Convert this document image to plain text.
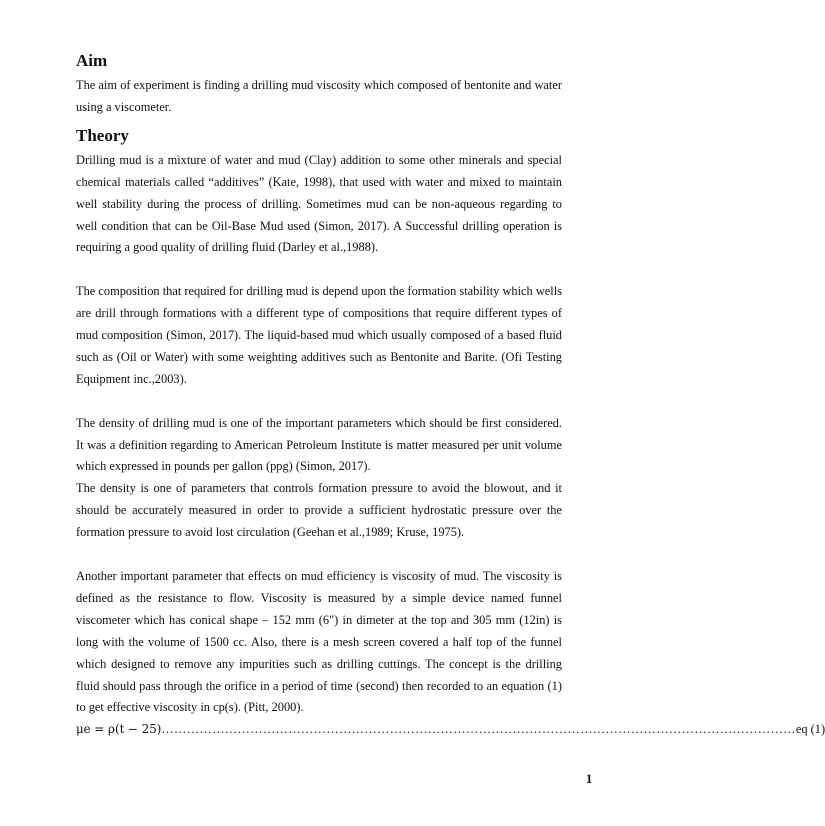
Aim

The aim of experiment is finding a drilling mud viscosity which composed of bentonite and water using a viscometer.

Theory

Drilling mud is a mixture of water and mud (Clay) addition to some other minerals and special chemical materials called “additives” (Kate, 1998), that used with water and mixed to maintain well stability during the process of drilling. Sometimes mud can be non-aqueous regarding to well condition that can be Oil-Base Mud used (Simon, 2017). A Successful drilling operation is requiring a good quality of drilling fluid (Darley et al.,1988).

The composition that required for drilling mud is depend upon the formation stability which wells are drill through formations with a different type of compositions that require different types of mud composition (Simon, 2017). The liquid-based mud which usually composed of a based fluid such as (Oil or Water) with some weighting additives such as Bentonite and Barite. (Ofi Testing Equipment inc.,2003).

The density of drilling mud is one of the important parameters which should be first considered. It was a definition regarding to American Petroleum Institute is matter measured per unit volume which expressed in pounds per gallon (ppg) (Simon, 2017).

The density is one of parameters that controls formation pressure to avoid the blowout, and it should be accurately measured in order to provide a sufficient hydrostatic pressure over the formation pressure to avoid lost circulation (Geehan et al.,1989; Kruse, 1975).

Another important parameter that effects on mud efficiency is viscosity of mud. The viscosity is defined as the resistance to flow. Viscosity is measured by a simple device named funnel viscometer which has conical shape – 152 mm (6") in dimeter at the top and 305 mm (12in) is long with the volume of 1500 cc. Also, there is a mesh screen covered a half top of the funnel which designed to remove any impurities such as drilling cuttings. The concept is the drilling fluid should pass through the orifice in a period of time (second) then recorded to an equation (1) to get effective viscosity in cp(s). (Pitt, 2000).

μe = ρ(t − 25) …………………………………………………………………………………………………………………………………… eq (1)
1
